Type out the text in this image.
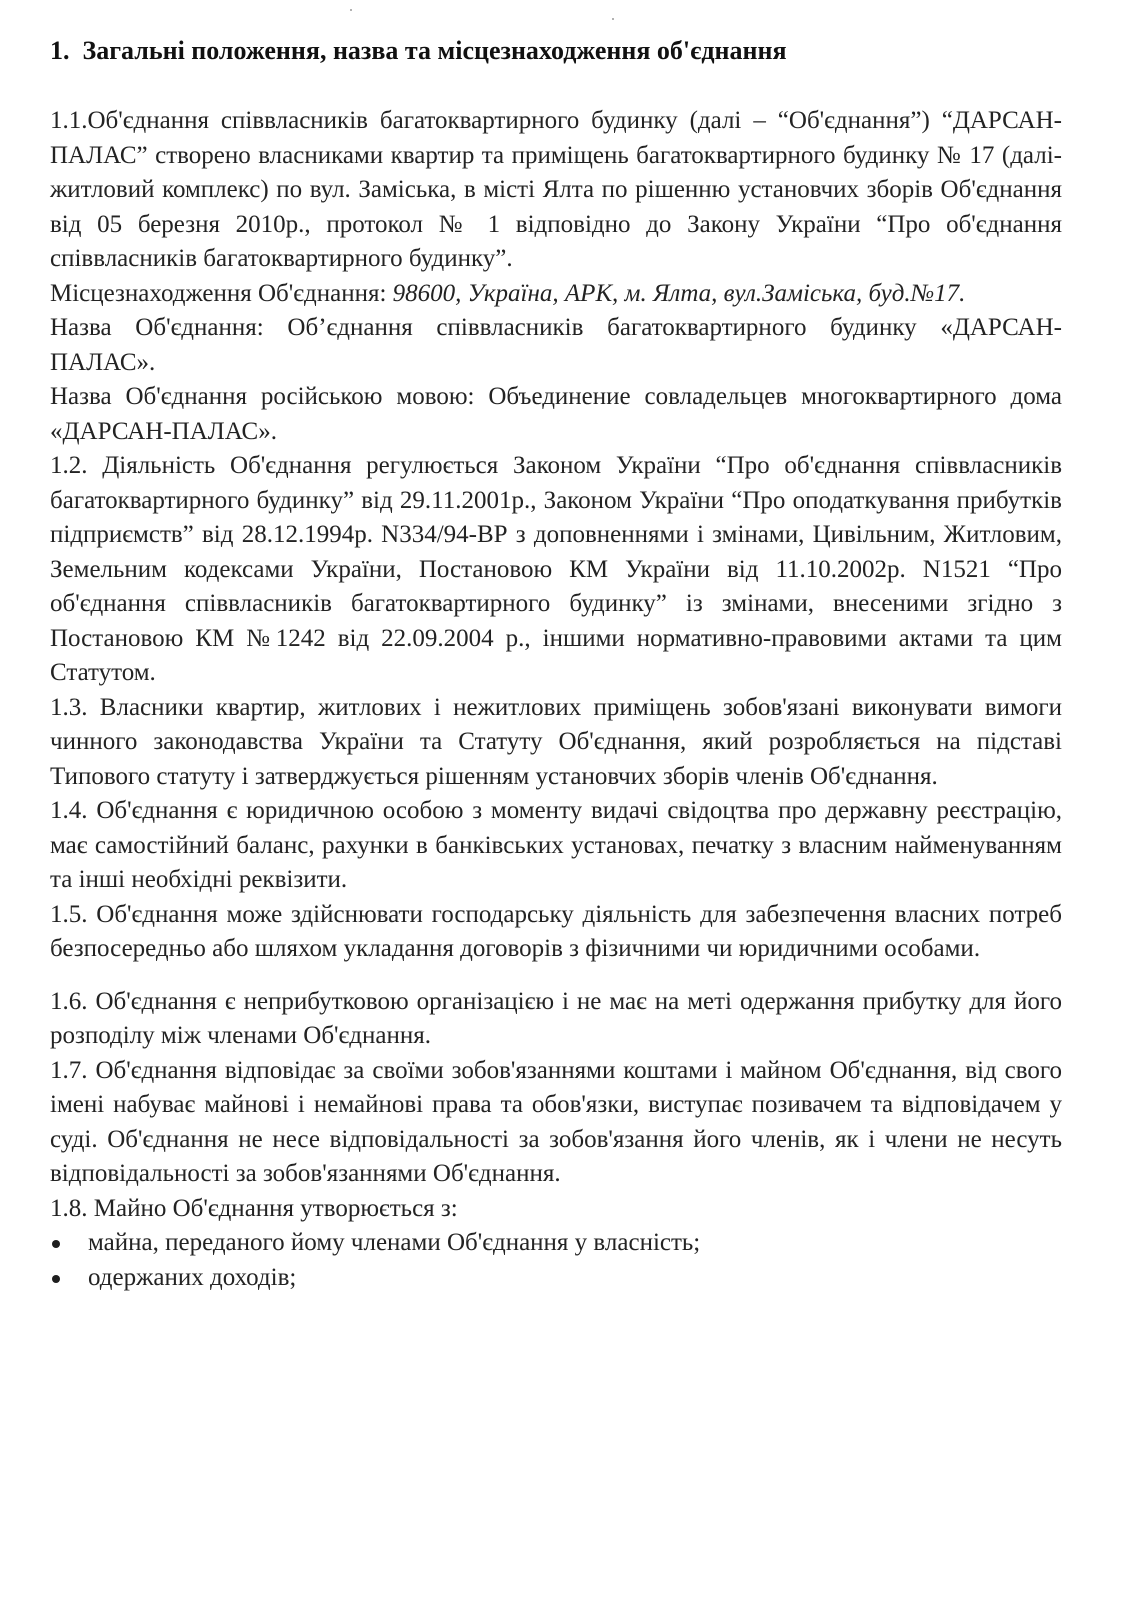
1. Загальні положення, назва та місцезнаходження об'єднання

1.1.Об'єднання співвласників багатоквартирного будинку (далі – “Об'єднання”) “ДАРСАН-ПАЛАС” створено власниками квартир та приміщень багатоквартирного будинку № 17 (далі-житловий комплекс) по вул. Заміська, в місті Ялта по рішенню установчих зборів Об'єднання від 05 березня 2010р., протокол № 1 відповідно до Закону України “Про об'єднання співвласників багатоквартирного будинку”.

Місцезнаходження Об'єднання: 98600, Україна, АРК, м. Ялта, вул.Заміська, буд.№17.

Назва Об'єднання: Об’єднання співвласників багатоквартирного будинку «ДАРСАН-ПАЛАС».

Назва Об'єднання російською мовою: Объединение совладельцев многоквартирного дома «ДАРСАН-ПАЛАС».

1.2. Діяльність Об'єднання регулюється Законом України “Про об'єднання співвласників багатоквартирного будинку” від 29.11.2001р., Законом України “Про оподаткування прибутків підприємств” від 28.12.1994р. N334/94-ВР з доповненнями і змінами, Цивільним, Житловим, Земельним кодексами України, Постановою КМ України від 11.10.2002р. N1521 “Про об'єднання співвласників багатоквартирного будинку” із змінами, внесеними згідно з Постановою КМ №1242 від 22.09.2004 р., іншими нормативно-правовими актами та цим Статутом.

1.3. Власники квартир, житлових і нежитлових приміщень зобов'язані виконувати вимоги чинного законодавства України та Статуту Об'єднання, який розробляється на підставі Типового статуту і затверджується рішенням установчих зборів членів Об'єднання.

1.4. Об'єднання є юридичною особою з моменту видачі свідоцтва про державну реєстрацію, має самостійний баланс, рахунки в банківських установах, печатку з власним найменуванням та інші необхідні реквізити.

1.5. Об'єднання може здійснювати господарську діяльність для забезпечення власних потреб безпосередньо або шляхом укладання договорів з фізичними чи юридичними особами.

1.6. Об'єднання є неприбутковою організацією і не має на меті одержання прибутку для його розподілу між членами Об'єднання.

1.7. Об'єднання відповідає за своїми зобов'язаннями коштами і майном Об'єднання, від свого імені набуває майнові і немайнові права та обов'язки, виступає позивачем та відповідачем у суді. Об'єднання не несе відповідальності за зобов'язання його членів, як і члени не несуть відповідальності за зобов'язаннями Об'єднання.

1.8. Майно Об'єднання утворюється з:

майна, переданого йому членами Об'єднання у власність;
одержаних доходів;
